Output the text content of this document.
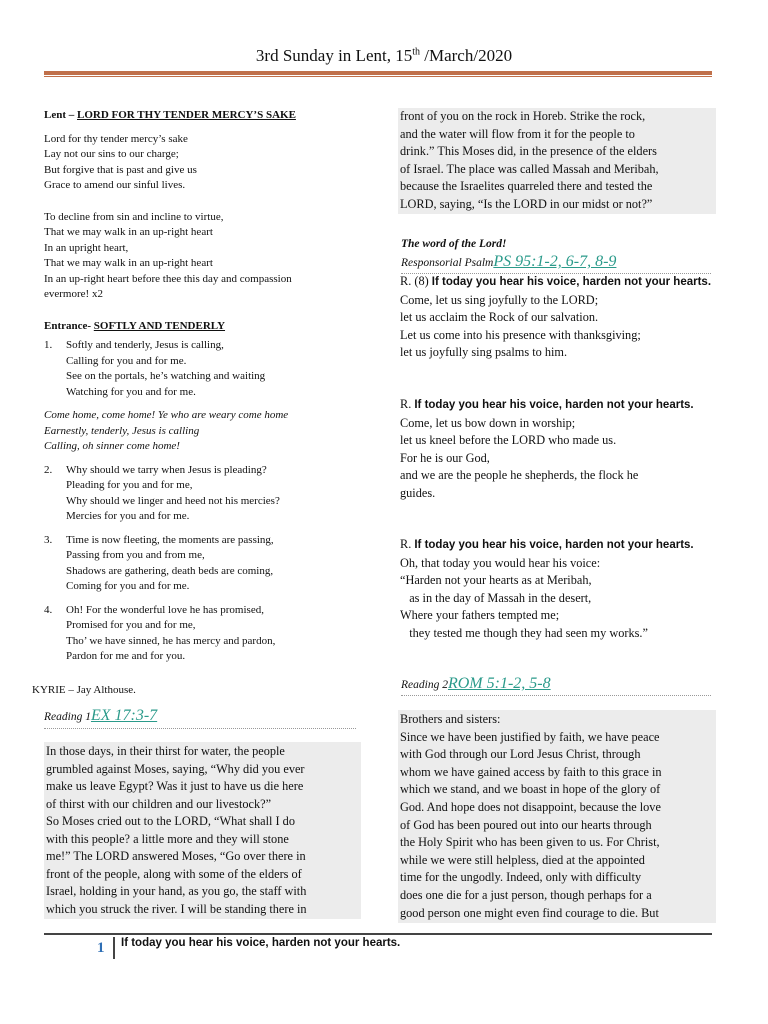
3rd Sunday in Lent, 15th /March/2020

Lent – LORD FOR THY TENDER MERCY’S SAKE

Lord for thy tender mercy’s sake
Lay not our sins to our charge;
But forgive that is past and give us
Grace to amend our sinful lives.
To decline from sin and incline to virtue,
That we may walk in an up-right heart
In an upright heart,
That we may walk in an up-right heart
In an up-right heart before thee this day and compassion
evermore! x2

Entrance- SOFTLY AND TENDERLY

1.	Softly and tenderly, Jesus is calling,
Calling for you and for me.
See on the portals, he’s watching and waiting
Watching for you and for me.
Come home, come home! Ye who are weary come home
Earnestly, tenderly, Jesus is calling
Calling, oh sinner come home!
2.	Why should we tarry when Jesus is pleading?
Pleading for you and for me,
Why should we linger and heed not his mercies?
Mercies for you and for me.
3.	Time is now fleeting, the moments are passing,
Passing from you and from me,
Shadows are gathering, death beds are coming,
Coming for you and for me.
4.	Oh! For the wonderful love he has promised,
Promised for you and for me,
Tho’ we have sinned, he has mercy and pardon,
Pardon for me and for you.
KYRIE – Jay Althouse.
Reading 1EX 17:3-7
In those days, in their thirst for water, the people
grumbled against Moses, saying, “Why did you ever
make us leave Egypt? Was it just to have us die here
of thirst with our children and our livestock?”
So Moses cried out to the LORD, “What shall I do
with this people? a little more and they will stone
me!” The LORD answered Moses, “Go over there in
front of the people, along with some of the elders of
Israel, holding in your hand, as you go, the staff with
which you struck the river. I will be standing there in
front of you on the rock in Horeb. Strike the rock,
and the water will flow from it for the people to
drink.” This Moses did, in the presence of the elders
of Israel. The place was called Massah and Meribah,
because the Israelites quarreled there and tested the
LORD, saying, “Is the LORD in our midst or not?”
The word of the Lord!
Responsorial PsalmPS 95:1-2, 6-7, 8-9
R. (8) If today you hear his voice, harden not your hearts.
Come, let us sing joyfully to the LORD;
let us acclaim the Rock of our salvation.
Let us come into his presence with thanksgiving;
let us joyfully sing psalms to him.
R. If today you hear his voice, harden not your hearts.
Come, let us bow down in worship;
let us kneel before the LORD who made us.
For he is our God,
and we are the people he shepherds, the flock he
guides.
R. If today you hear his voice, harden not your hearts.
Oh, that today you would hear his voice:
“Harden not your hearts as at Meribah,
as in the day of Massah in the desert,
Where your fathers tempted me;
they tested me though they had seen my works.”
Reading 2ROM 5:1-2, 5-8
Brothers and sisters:
Since we have been justified by faith, we have peace
with God through our Lord Jesus Christ, through
whom we have gained access by faith to this grace in
which we stand, and we boast in hope of the glory of
God. And hope does not disappoint, because the love
of God has been poured out into our hearts through
the Holy Spirit who has been given to us. For Christ,
while we were still helpless, died at the appointed
time for the ungodly. Indeed, only with difficulty
does one die for a just person, though perhaps for a
good person one might even find courage to die. But
1 If today you hear his voice, harden not your hearts.
